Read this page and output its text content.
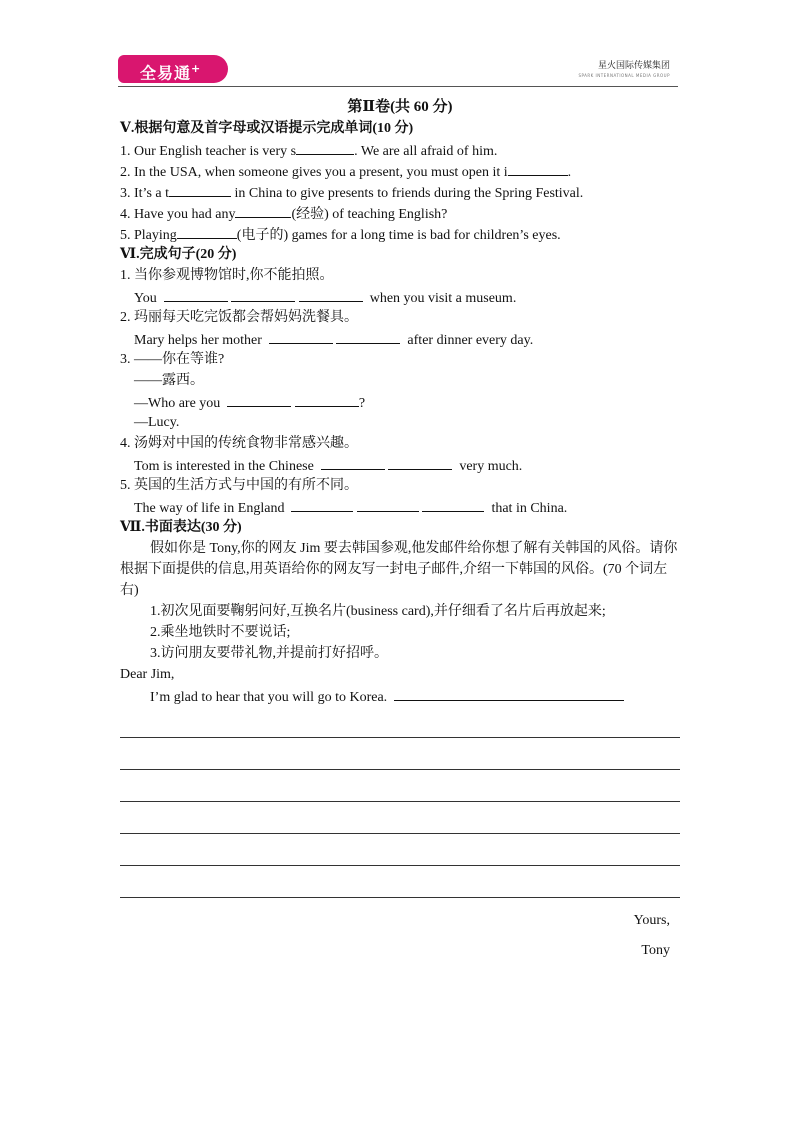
全易通+	星火国际传媒集团
SPARK INTERNATIONAL MEDIA GROUP
第Ⅱ卷(共 60 分)
Ⅴ.根据句意及首字母或汉语提示完成单词(10 分)
1. Our English teacher is very s	. We are all afraid of him.
2. In the USA, when someone gives you a present, you must open it i	.
3. It’s a t	in China to give presents to friends during the Spring Festival.
4. Have you had any	(经验) of teaching English?
5. Playing	(电子的) games for a long time is bad for children’s eyes.
Ⅵ.完成句子(20 分)
1. 当你参观博物馆时,你不能拍照。
You	when you visit a museum.
2. 玛丽每天吃完饭都会帮妈妈洗餐具。
Mary helps her mother	after dinner every day.
3. ——你在等谁?
——露西。
—Who are you	?
—Lucy.
4. 汤姆对中国的传统食物非常感兴趣。
Tom is interested in the Chinese	very much.
5. 英国的生活方式与中国的有所不同。
The way of life in England	that in China.
Ⅶ.书面表达(30 分)
假如你是 Tony,你的网友 Jim 要去韩国参观,他发邮件给你想了解有关韩国的风俗。请你根据下面提供的信息,用英语给你的网友写一封电子邮件,介绍一下韩国的风俗。(70 个词左右)
1.初次见面要鞠躬问好,互换名片(business card),并仔细看了名片后再放起来;
2.乘坐地铁时不要说话;
3.访问朋友要带礼物,并提前打好招呼。
Dear Jim,
I’m glad to hear that you will go to Korea.
Yours,
Tony
